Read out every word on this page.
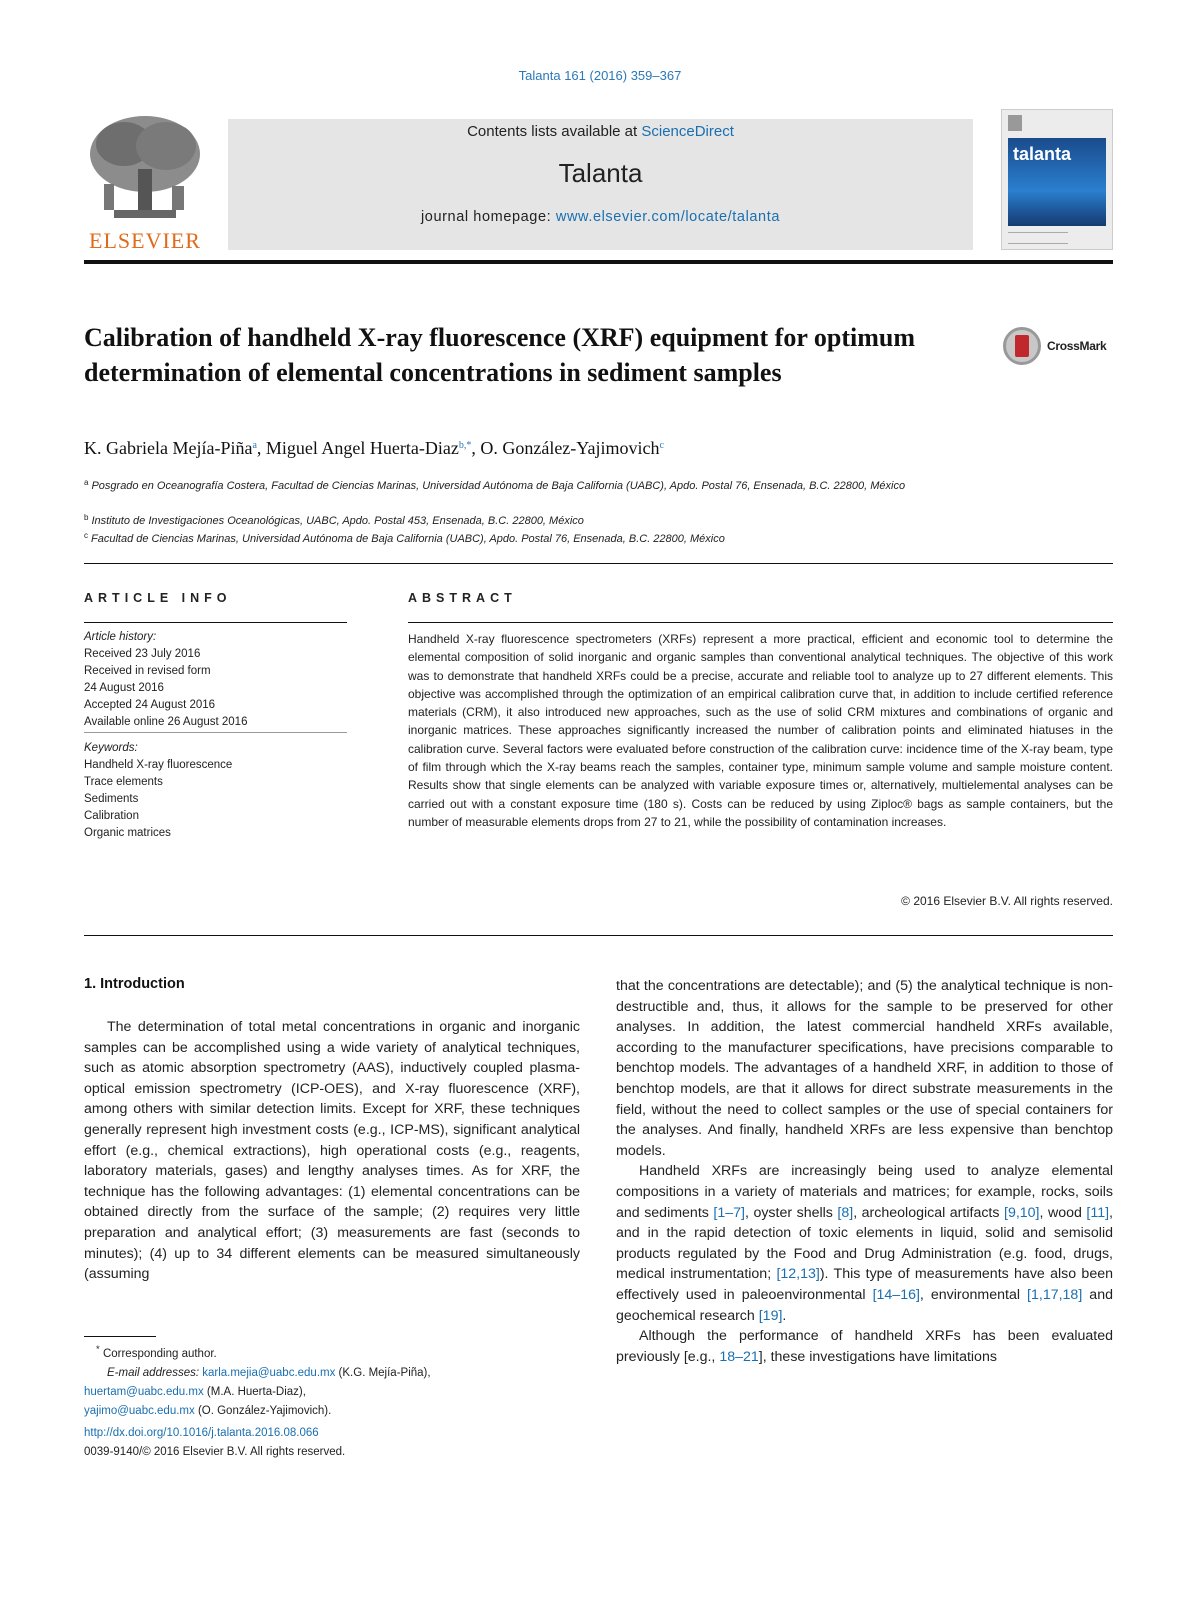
Talanta 161 (2016) 359–367
ELSEVIER
Contents lists available at ScienceDirect
Talanta
journal homepage: www.elsevier.com/locate/talanta
talanta
Calibration of handheld X-ray fluorescence (XRF) equipment for optimum determination of elemental concentrations in sediment samples
CrossMark
K. Gabriela Mejía-Piña$^a$, Miguel Angel Huerta-Diaz$^{b,*}$, O. González-Yajimovich$^c$
$^a$ Posgrado en Oceanografía Costera, Facultad de Ciencias Marinas, Universidad Autónoma de Baja California (UABC), Apdo. Postal 76, Ensenada, B.C. 22800, México
$^b$ Instituto de Investigaciones Oceanológicas, UABC, Apdo. Postal 453, Ensenada, B.C. 22800, México
$^c$ Facultad de Ciencias Marinas, Universidad Autónoma de Baja California (UABC), Apdo. Postal 76, Ensenada, B.C. 22800, México
ARTICLE INFO
Article history:
Received 23 July 2016
Received in revised form
24 August 2016
Accepted 24 August 2016
Available online 26 August 2016
Keywords:
Handheld X-ray fluorescence
Trace elements
Sediments
Calibration
Organic matrices
ABSTRACT
Handheld X-ray fluorescence spectrometers (XRFs) represent a more practical, efficient and economic tool to determine the elemental composition of solid inorganic and organic samples than conventional analytical techniques. The objective of this work was to demonstrate that handheld XRFs could be a precise, accurate and reliable tool to analyze up to 27 different elements. This objective was accomplished through the optimization of an empirical calibration curve that, in addition to include certified reference materials (CRM), it also introduced new approaches, such as the use of solid CRM mixtures and combinations of organic and inorganic matrices. These approaches significantly increased the number of calibration points and eliminated hiatuses in the calibration curve. Several factors were evaluated before construction of the calibration curve: incidence time of the X-ray beam, type of film through which the X-ray beams reach the samples, container type, minimum sample volume and sample moisture content. Results show that single elements can be analyzed with variable exposure times or, alternatively, multielemental analyses can be carried out with a constant exposure time (180 s). Costs can be reduced by using Ziploc® bags as sample containers, but the number of measurable elements drops from 27 to 21, while the possibility of contamination increases.
© 2016 Elsevier B.V. All rights reserved.
1. Introduction

The determination of total metal concentrations in organic and inorganic samples can be accomplished using a wide variety of analytical techniques, such as atomic absorption spectrometry (AAS), inductively coupled plasma-optical emission spectrometry (ICP-OES), and X-ray fluorescence (XRF), among others with similar detection limits. Except for XRF, these techniques generally represent high investment costs (e.g., ICP-MS), significant analytical effort (e.g., chemical extractions), high operational costs (e.g., reagents, laboratory materials, gases) and lengthy analyses times. As for XRF, the technique has the following advantages: (1) elemental concentrations can be obtained directly from the surface of the sample; (2) requires very little preparation and analytical effort; (3) measurements are fast (seconds to minutes); (4) up to 34 different elements can be measured simultaneously (assuming

that the concentrations are detectable); and (5) the analytical technique is non-destructible and, thus, it allows for the sample to be preserved for other analyses. In addition, the latest commercial handheld XRFs available, according to the manufacturer specifications, have precisions comparable to benchtop models. The advantages of a handheld XRF, in addition to those of benchtop models, are that it allows for direct substrate measurements in the field, without the need to collect samples or the use of special containers for the analyses. And finally, handheld XRFs are less expensive than benchtop models.

Handheld XRFs are increasingly being used to analyze elemental compositions in a variety of materials and matrices; for example, rocks, soils and sediments [1–7], oyster shells [8], archeological artifacts [9,10], wood [11], and in the rapid detection of toxic elements in liquid, solid and semisolid products regulated by the Food and Drug Administration (e.g. food, drugs, medical instrumentation; [12,13]). This type of measurements have also been effectively used in paleoenvironmental [14–16], environmental [1,17,18] and geochemical research [19].

Although the performance of handheld XRFs has been evaluated previously [e.g., 18–21], these investigations have limitations

* Corresponding author.
E-mail addresses: karla.mejia@uabc.edu.mx (K.G. Mejía-Piña),
huertam@uabc.edu.mx (M.A. Huerta-Diaz),
yajimo@uabc.edu.mx (O. González-Yajimovich).
http://dx.doi.org/10.1016/j.talanta.2016.08.066
0039-9140/© 2016 Elsevier B.V. All rights reserved.
